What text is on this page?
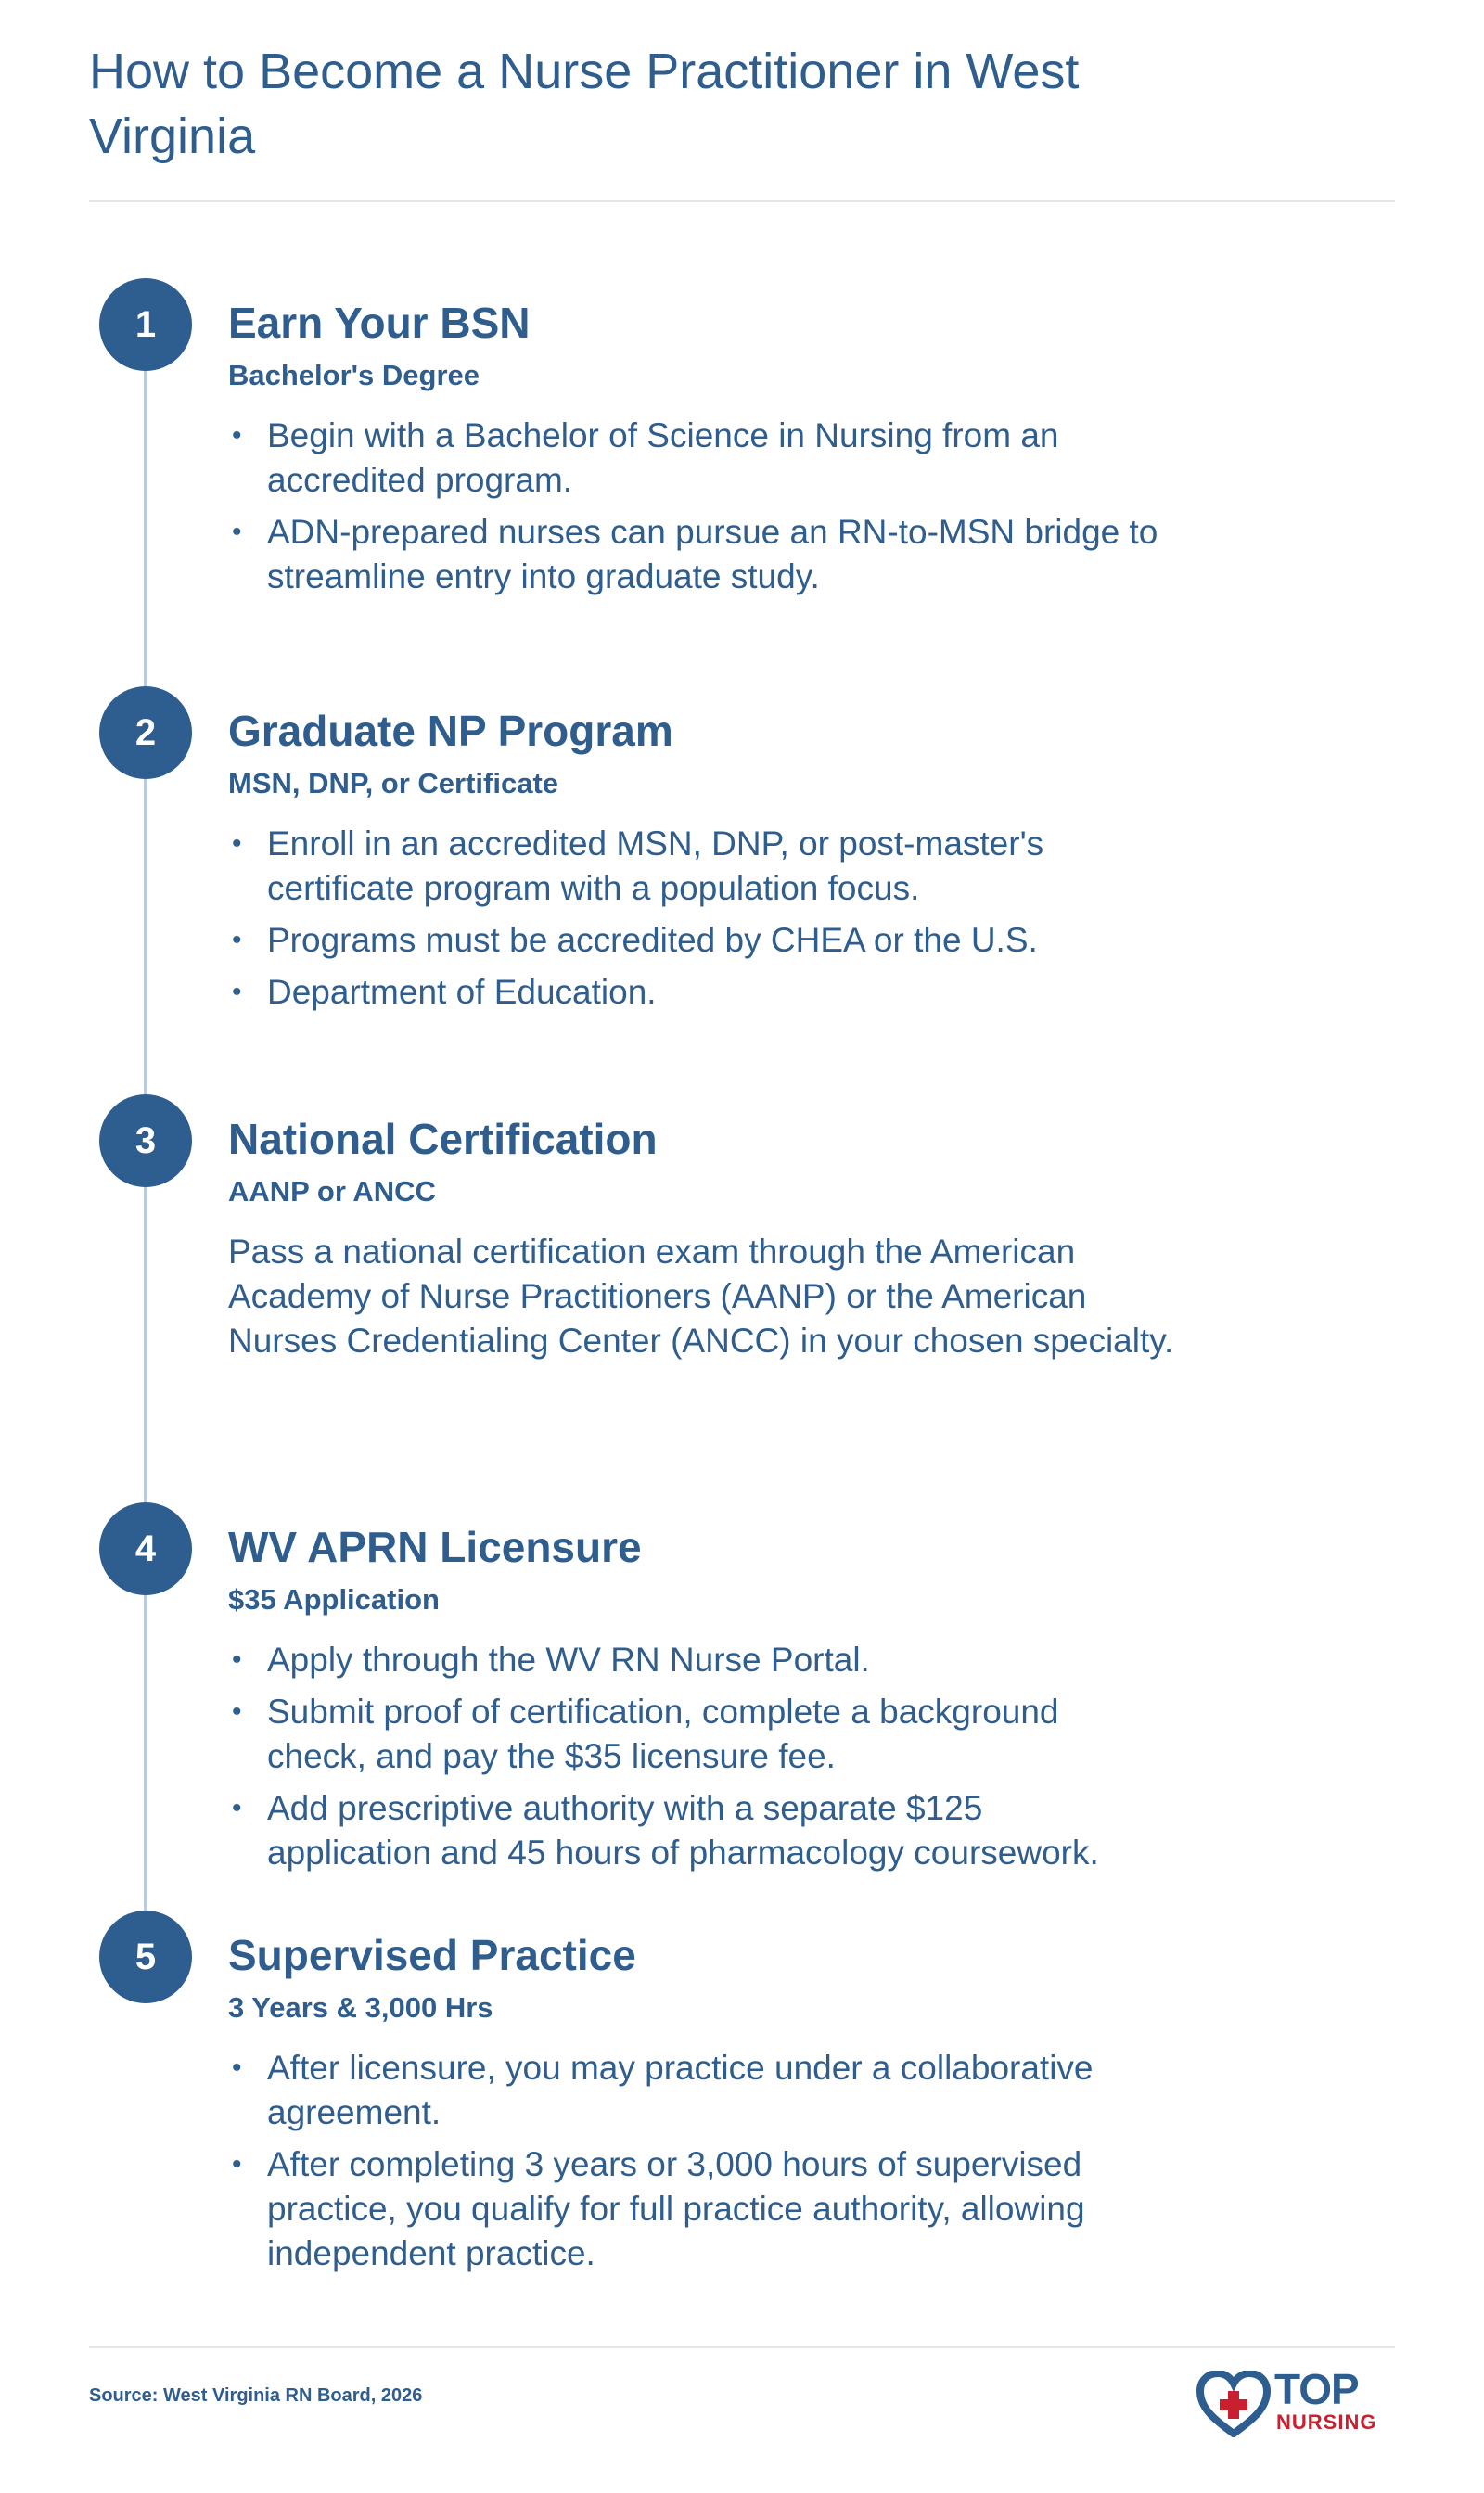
How to Become a Nurse Practitioner in West Virginia
1	Earn Your BSN

Bachelor's Degree

• Begin with a Bachelor of Science in Nursing from an accredited program.
• ADN-prepared nurses can pursue an RN-to-MSN bridge to streamline entry into graduate study.
2	Graduate NP Program

MSN, DNP, or Certificate

• Enroll in an accredited MSN, DNP, or post-master's certificate program with a population focus.
• Programs must be accredited by CHEA or the U.S.
• Department of Education.
3	National Certification

AANP or ANCC

Pass a national certification exam through the American Academy of Nurse Practitioners (AANP) or the American Nurses Credentialing Center (ANCC) in your chosen specialty.

4	WV APRN Licensure

$35 Application

• Apply through the WV RN Nurse Portal.
• Submit proof of certification, complete a background check, and pay the $35 licensure fee.
• Add prescriptive authority with a separate $125 application and 45 hours of pharmacology coursework.
5	Supervised Practice

3 Years & 3,000 Hrs

• After licensure, you may practice under a collaborative agreement.
• After completing 3 years or 3,000 hours of supervised practice, you qualify for full practice authority, allowing independent practice.
Source: West Virginia RN Board, 2026	TOP
NURSING
